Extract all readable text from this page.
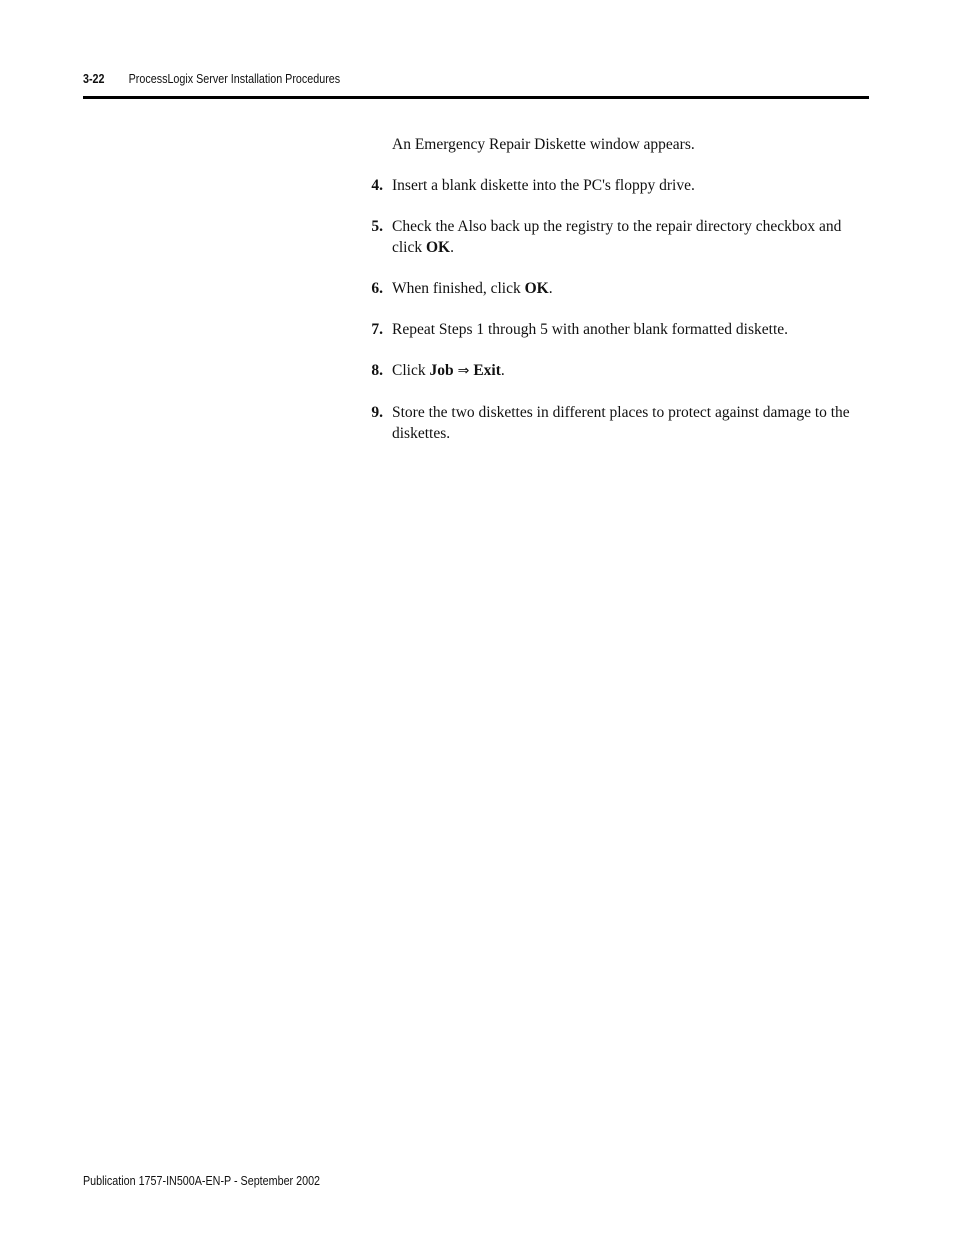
3-22 ProcessLogix Server Installation Procedures

An Emergency Repair Diskette window appears.

4. Insert a blank diskette into the PC's floppy drive.
5. Check the Also back up the registry to the repair directory checkbox and click OK.
6. When finished, click OK.
7. Repeat Steps 1 through 5 with another blank formatted diskette.
8. Click Job ⇒ Exit.
9. Store the two diskettes in different places to protect against damage to the diskettes.
Publication 1757-IN500A-EN-P - September 2002
